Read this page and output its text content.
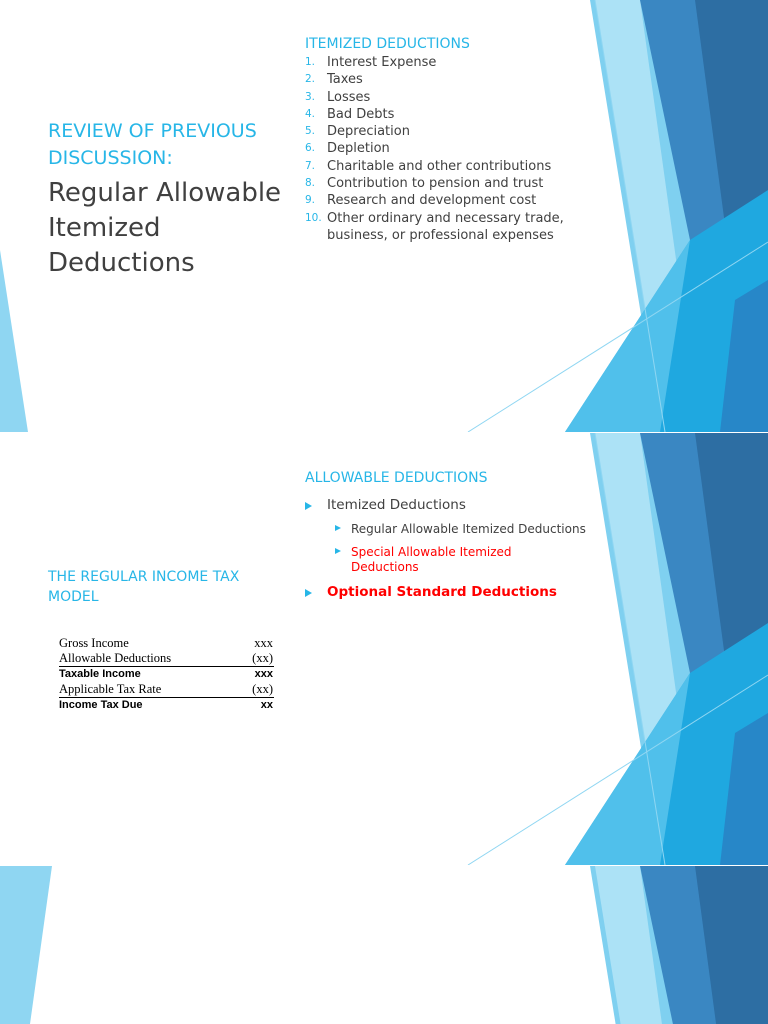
REVIEW OF PREVIOUS DISCUSSION:
Regular Allowable Itemized Deductions
ITEMIZED DEDUCTIONS
1. Interest Expense
2. Taxes
3. Losses
4. Bad Debts
5. Depreciation
6. Depletion
7. Charitable and other contributions
8. Contribution to pension and trust
9. Research and development cost
10. Other ordinary and necessary trade, business, or professional expenses
THE REGULAR INCOME TAX MODEL
ALLOWABLE DEDUCTIONS
Itemized Deductions
Regular Allowable Itemized Deductions
Special Allowable Itemized Deductions
Optional Standard Deductions
Gross Income	xxx
Allowable Deductions	(xx)
Taxable Income	xxx
Applicable Tax Rate	(xx)
Income Tax Due	xx
